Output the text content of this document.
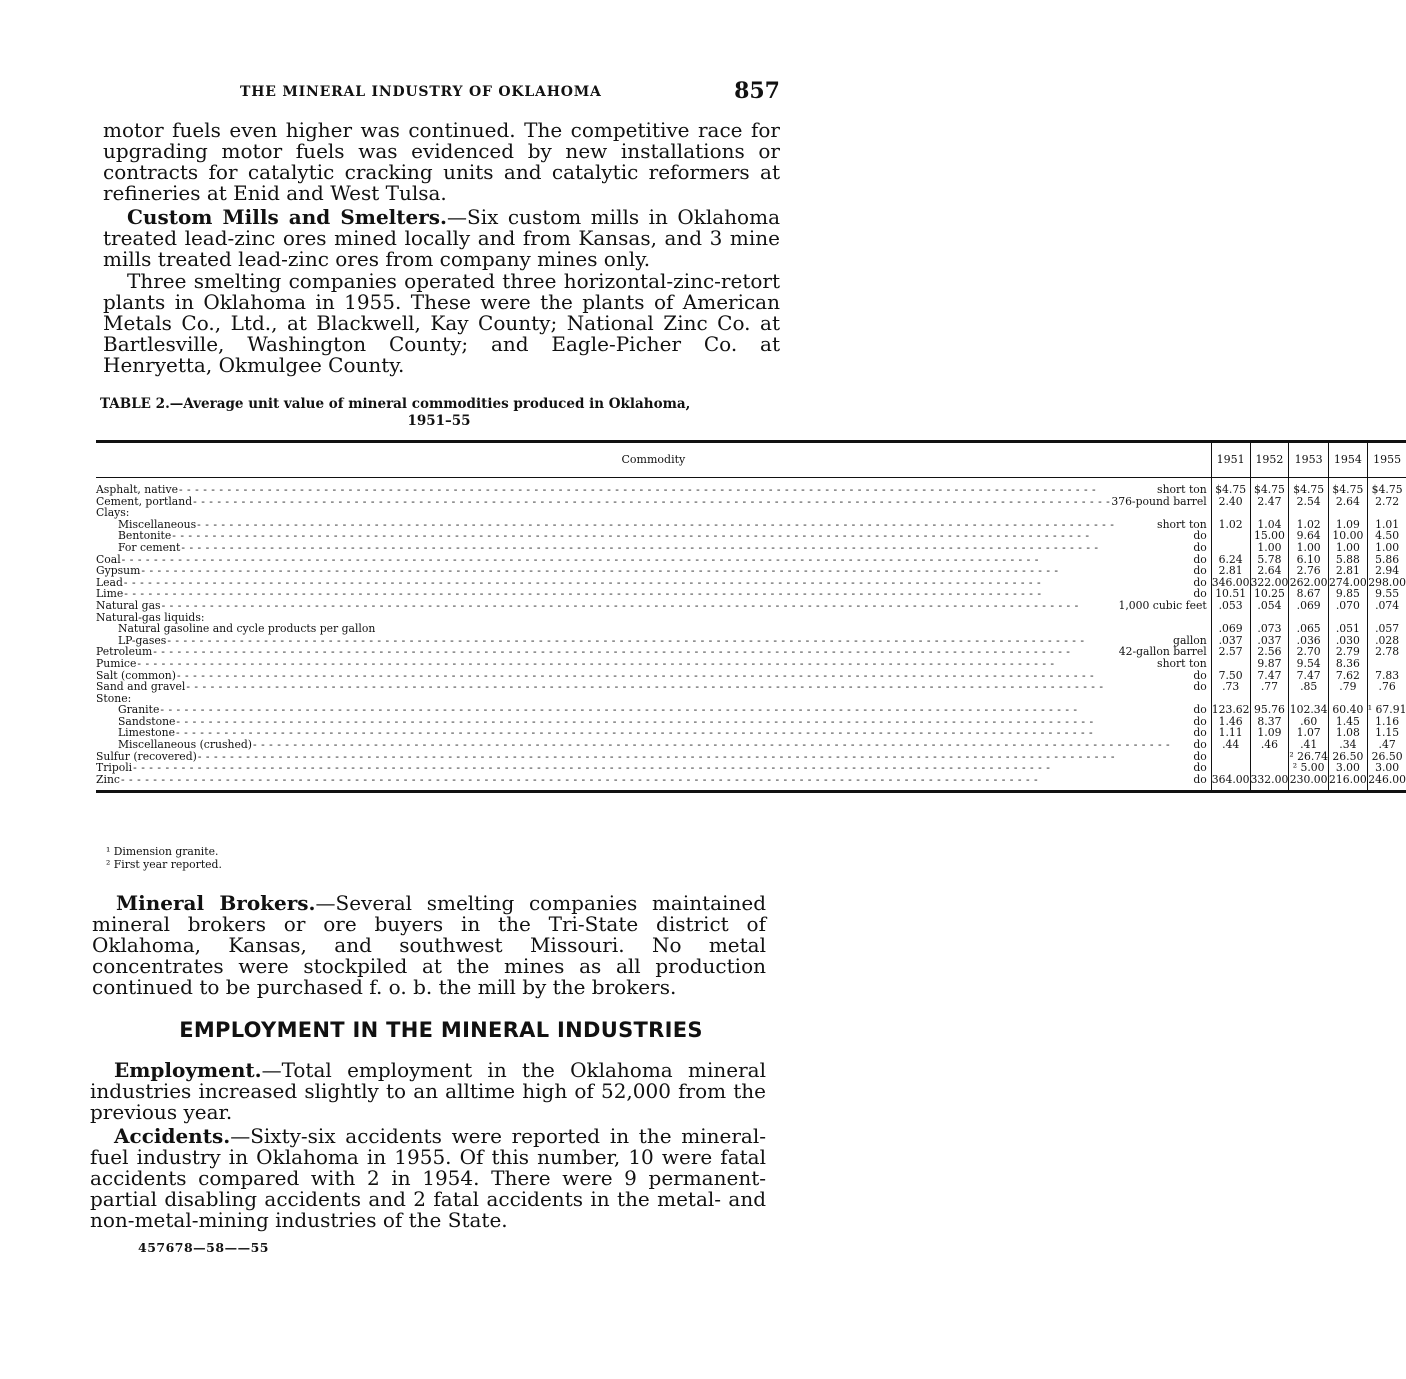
THE MINERAL INDUSTRY OF OKLAHOMA	857

motor fuels even higher was continued. The competitive race for upgrading motor fuels was evidenced by new installations or contracts for catalytic cracking units and catalytic reformers at refineries at Enid and West Tulsa.

Custom Mills and Smelters.—Six custom mills in Oklahoma treated lead-zinc ores mined locally and from Kansas, and 3 mine mills treated lead-zinc ores from company mines only.

Three smelting companies operated three horizontal-zinc-retort plants in Oklahoma in 1955. These were the plants of American Metals Co., Ltd., at Blackwell, Kay County; National Zinc Co. at Bartlesville, Washington County; and Eagle-Picher Co. at Henryetta, Okmulgee County.

TABLE 2.—Average unit value of mineral commodities produced in Oklahoma,
1951–55
Commodity	1951	1952	1953	1954	1955

Asphalt, native - - - short ton	$4.75	$4.75	$4.75	$4.75	$4.75

Cement, portland - - - 376-pound barrel	2.40	2.47	2.54	2.64	2.72

Clays:					

Miscellaneous - - - short ton	1.02	1.04	1.02	1.09	1.01

Bentonite - - - do		15.00	9.64	10.00	4.50

For cement - - - do		1.00	1.00	1.00	1.00

Coal - - - do	6.24	5.78	6.10	5.88	5.86

Gypsum - - - do	2.81	2.64	2.76	2.81	2.94

Lead - - - do	346.00	322.00	262.00	274.00	298.00

Lime - - - do	10.51	10.25	8.67	9.85	9.55

Natural gas - - - 1,000 cubic feet	.053	.054	.069	.070	.074

Natural-gas liquids:					

Natural gasoline and cycle products per gallon	.069	.073	.065	.051	.057

LP-gases - - - gallon	.037	.037	.036	.030	.028

Petroleum - - - 42-gallon barrel	2.57	2.56	2.70	2.79	2.78

Pumice - - - short ton		9.87	9.54	8.36	

Salt (common) - - - do	7.50	7.47	7.47	7.62	7.83

Sand and gravel - - - do	.73	.77	.85	.79	.76

Stone:					

Granite - - - do	123.62	95.76	102.34	60.40	¹ 67.91

Sandstone - - - do	1.46	8.37	.60	1.45	1.16

Limestone - - - do	1.11	1.09	1.07	1.08	1.15

Miscellaneous (crushed) - - - do	.44	.46	.41	.34	.47

Sulfur (recovered) - - - do			² 26.74	26.50	26.50

Tripoli - - - do			² 5.00	3.00	3.00

Zinc - - - do	364.00	332.00	230.00	216.00	246.00
¹ Dimension granite.
² First year reported.

Mineral Brokers.—Several smelting companies maintained mineral brokers or ore buyers in the Tri-State district of Oklahoma, Kansas, and southwest Missouri. No metal concentrates were stockpiled at the mines as all production continued to be purchased f. o. b. the mill by the brokers.

EMPLOYMENT IN THE MINERAL INDUSTRIES

Employment.—Total employment in the Oklahoma mineral industries increased slightly to an alltime high of 52,000 from the previous year.

Accidents.—Sixty-six accidents were reported in the mineral-fuel industry in Oklahoma in 1955. Of this number, 10 were fatal accidents compared with 2 in 1954. There were 9 permanent-partial disabling accidents and 2 fatal accidents in the metal- and non-metal-mining industries of the State.

457678—58——55
